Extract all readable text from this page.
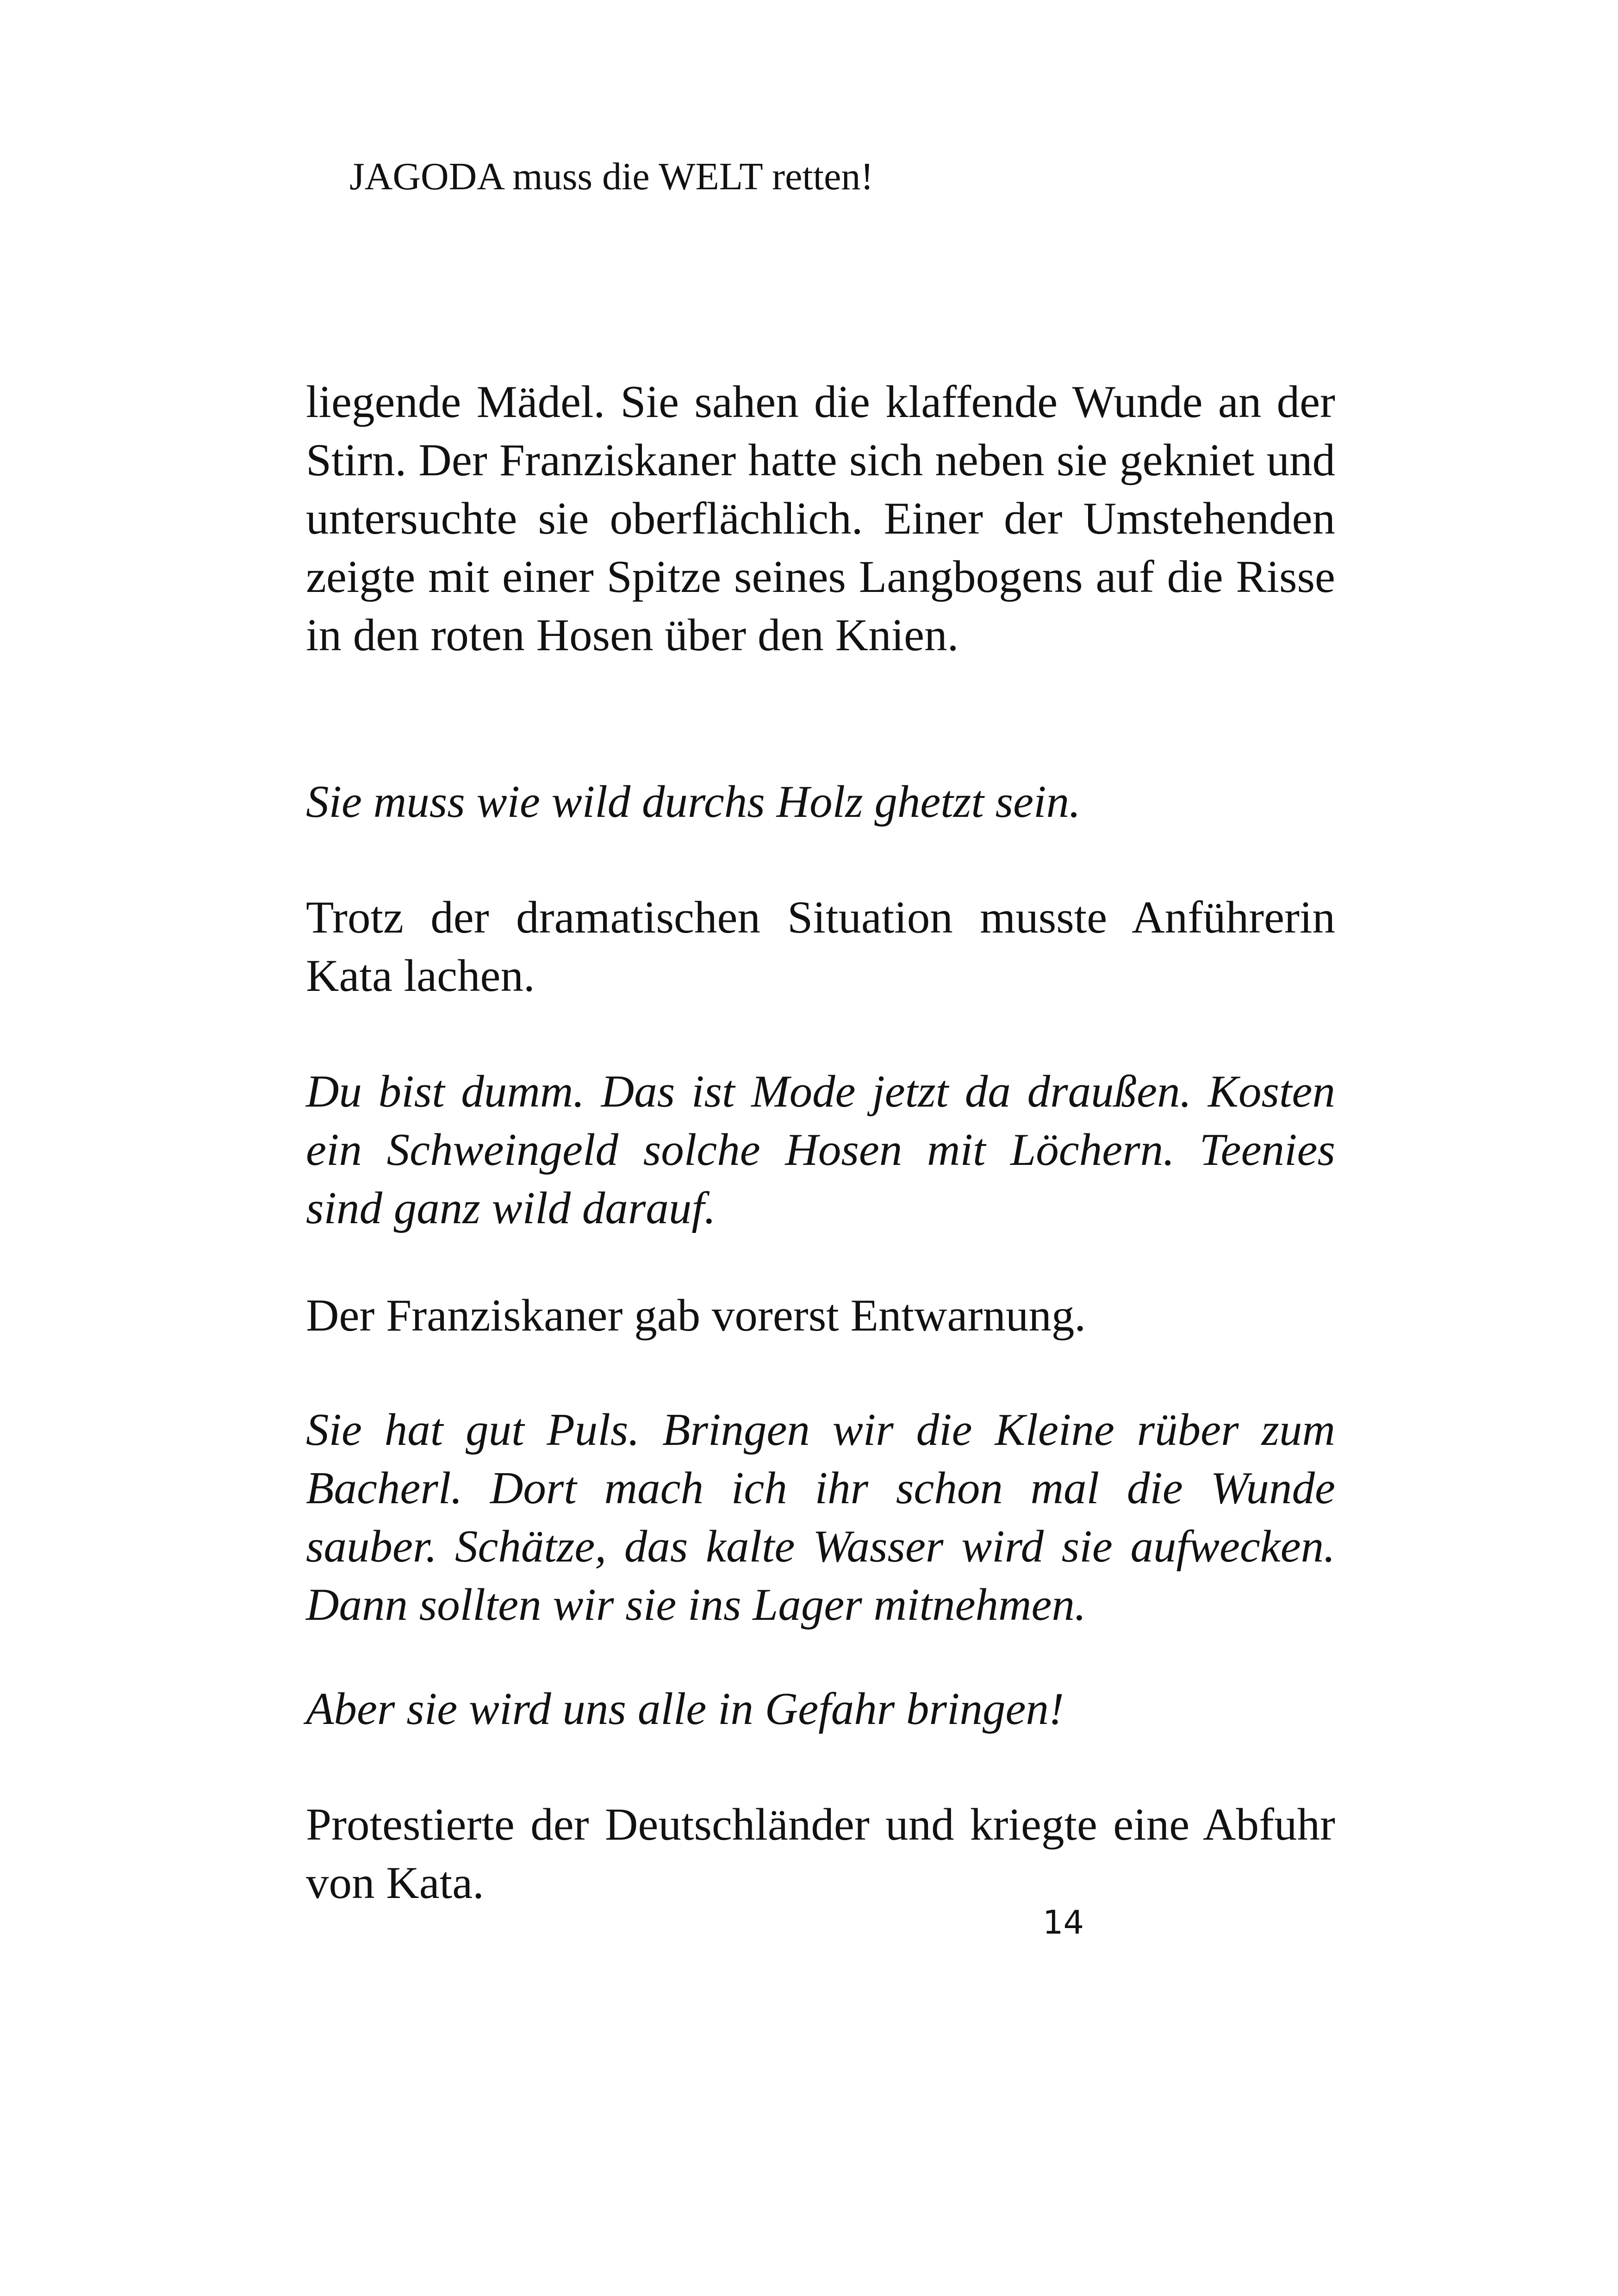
JAGODA muss die WELT retten!

liegende Mädel. Sie sahen die klaffende Wunde an der Stirn. Der Franziskaner hatte sich neben sie gekniet und untersuchte sie oberflächlich. Einer der Umstehenden zeigte mit einer Spitze seines Langbogens auf die Risse in den roten Hosen über den Knien.

Sie muss wie wild durchs Holz ghetzt sein.

Trotz der dramatischen Situation musste Anführerin Kata lachen.

Du bist dumm. Das ist Mode jetzt da draußen. Kosten ein Schweingeld solche Hosen mit Löchern. Teenies sind ganz wild darauf.

Der Franziskaner gab vorerst Entwarnung.

Sie hat gut Puls. Bringen wir die Kleine rüber zum Bacherl. Dort mach ich ihr schon mal die Wunde sauber. Schätze, das kalte Wasser wird sie aufwecken. Dann sollten wir sie ins Lager mitnehmen.

Aber sie wird uns alle in Gefahr bringen!

Protestierte der Deutschländer und kriegte eine Abfuhr von Kata.

14
